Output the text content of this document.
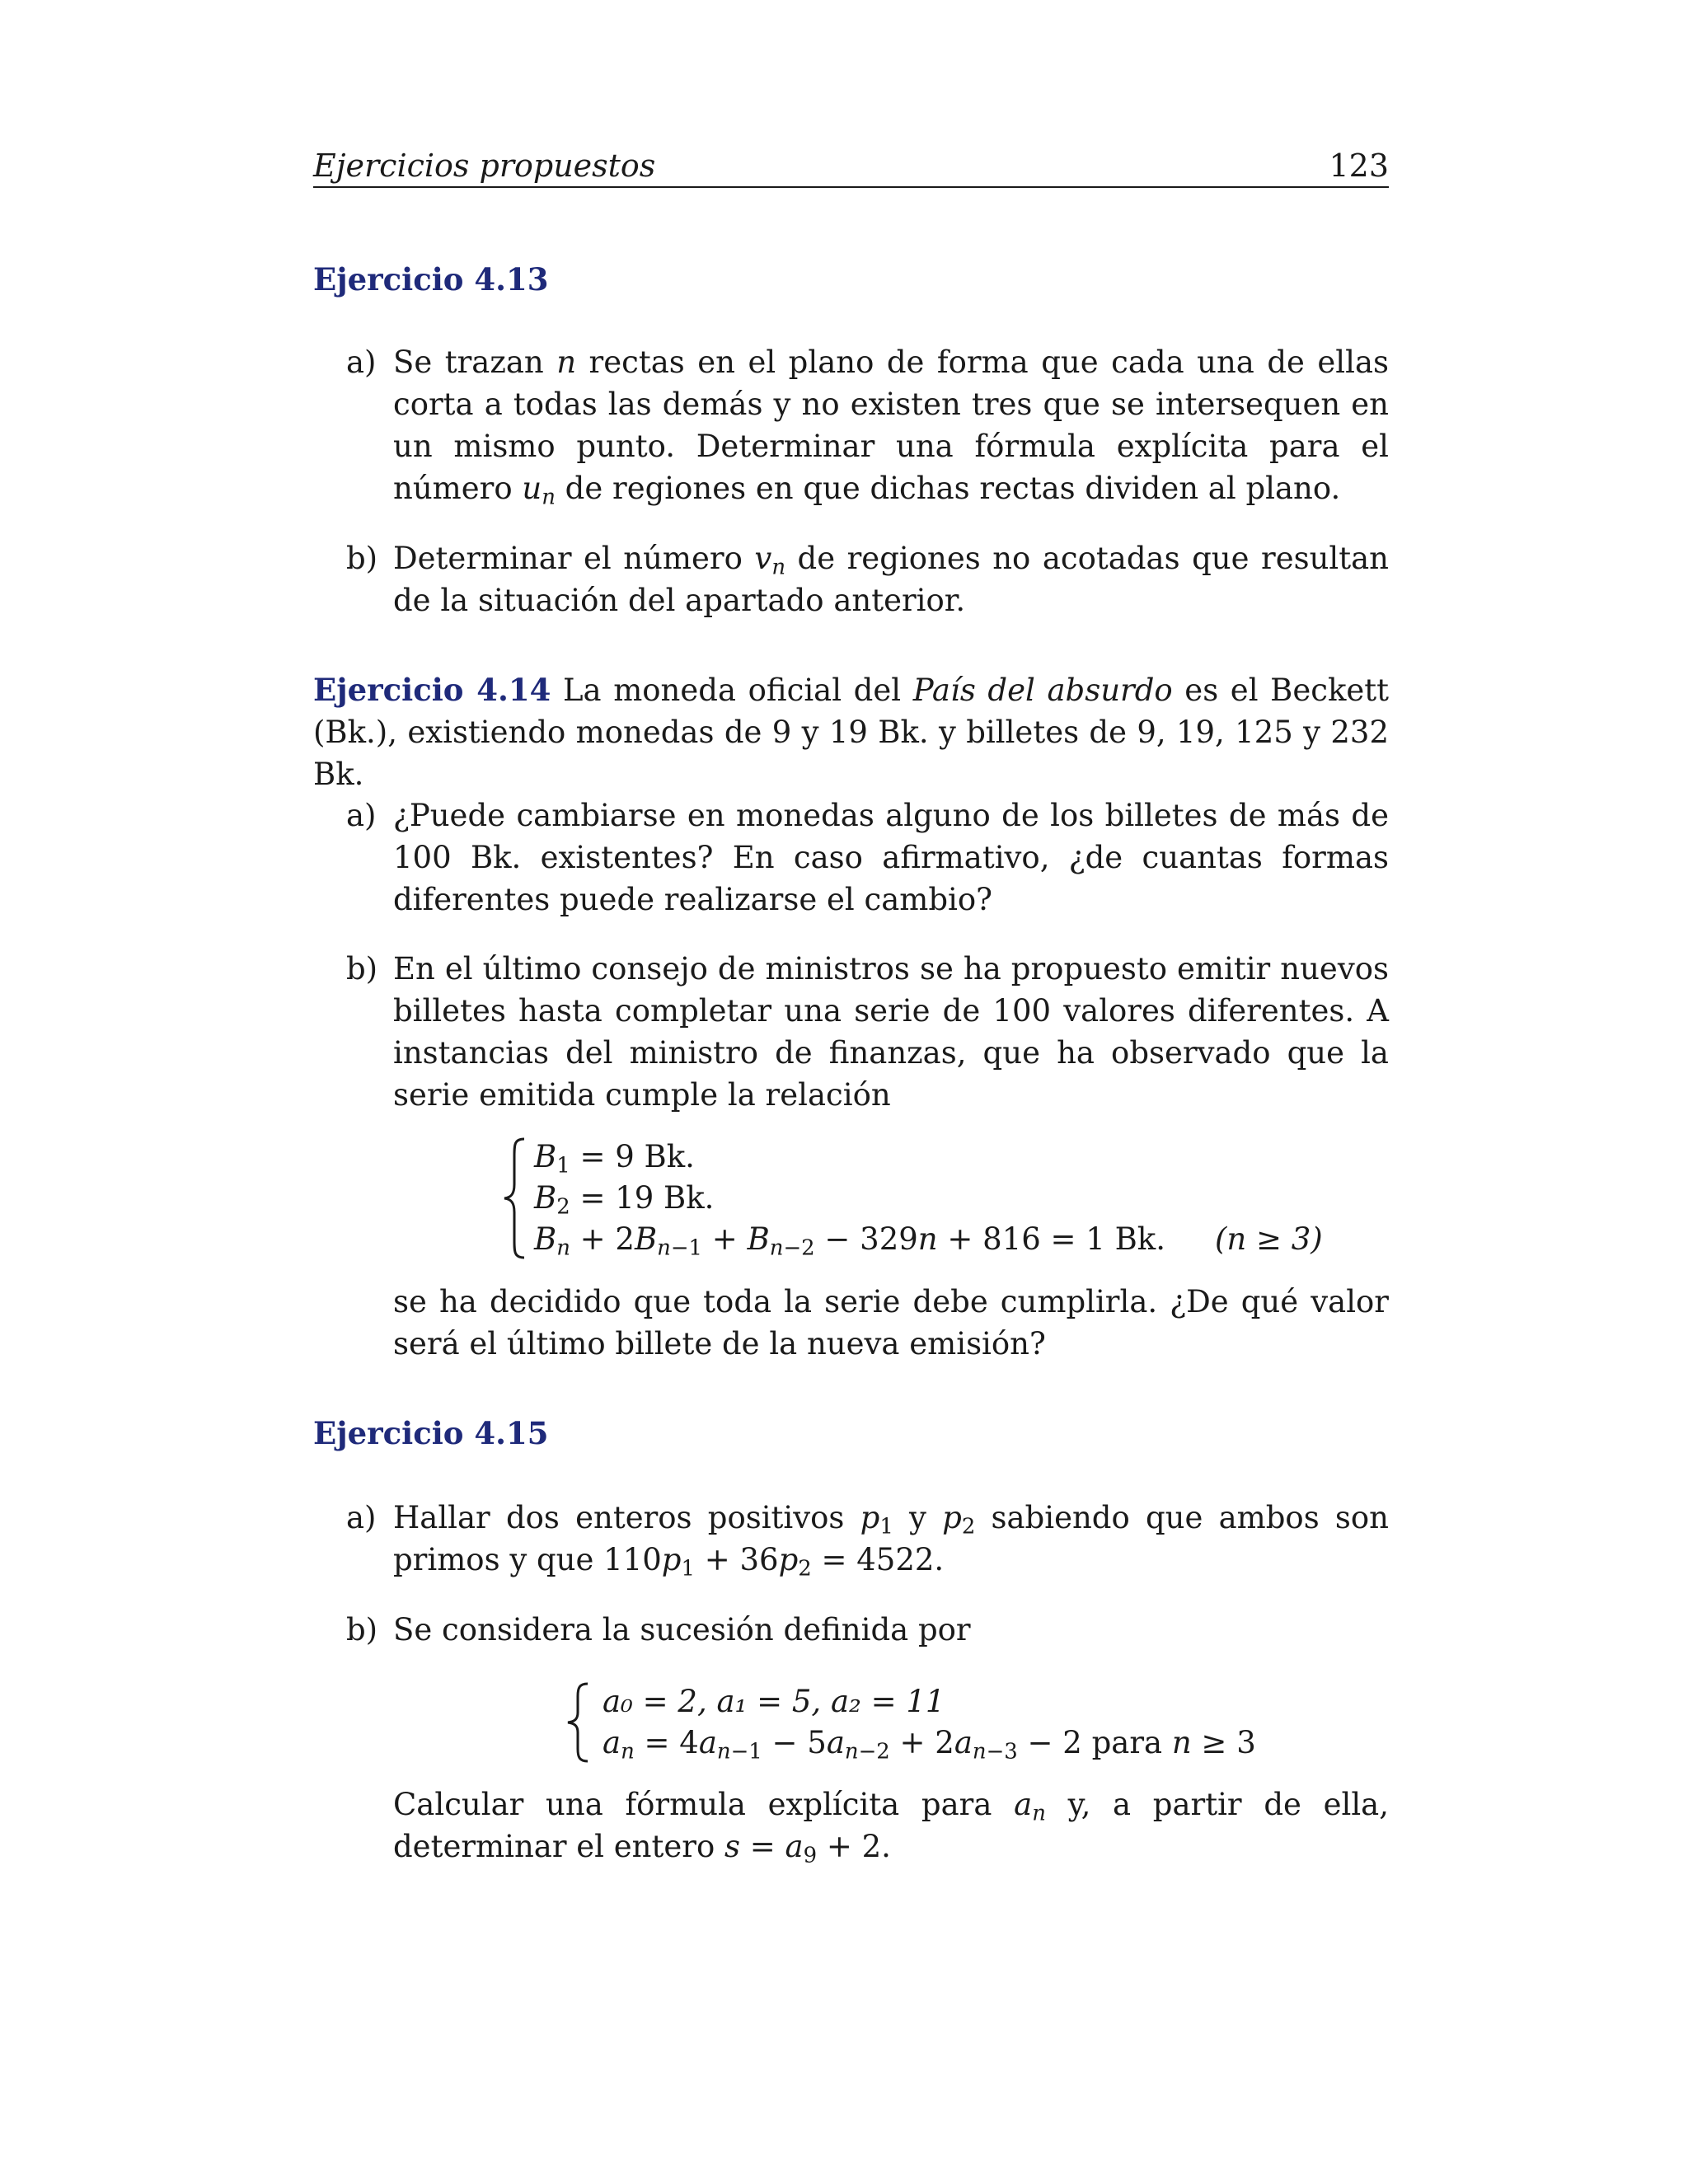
Ejercicios propuestos	123
Ejercicio 4.13
a) Se trazan n rectas en el plano de forma que cada una de ellas corta a todas las demás y no existen tres que se intersequen en un mismo punto. Determinar una fórmula explícita para el número $u_n$ de regiones en que dichas rectas dividen al plano.
b) Determinar el número $v_n$ de regiones no acotadas que resultan de la situación del apartado anterior.

Ejercicio 4.14 La moneda oficial del País del absurdo es el Beckett (Bk.), existiendo monedas de 9 y 19 Bk. y billetes de 9, 19, 125 y 232 Bk.

a) ¿Puede cambiarse en monedas alguno de los billetes de más de 100 Bk. existentes? En caso afirmativo, ¿de cuantas formas diferentes puede realizarse el cambio?
b) En el último consejo de ministros se ha propuesto emitir nuevos billetes hasta completar una serie de 100 valores diferentes. A instancias del ministro de finanzas, que ha observado que la serie emitida cumple la relación
$B_1 = 9$ Bk.
$B_2 = 19$ Bk.
$B_n + 2B_{n-1} + B_{n-2} - 329n + 816 = 1$ Bk. (n ≥ 3)
se ha decidido que toda la serie debe cumplirla. ¿De qué valor será el último billete de la nueva emisión?
Ejercicio 4.15
a) Hallar dos enteros positivos $p_1$ y $p_2$ sabiendo que ambos son primos y que $110p_1 + 36p_2 = 4522$.
b) Se considera la sucesión definida por
a₀ = 2, a₁ = 5, a₂ = 11
$a_n = 4a_{n-1} - 5a_{n-2} + 2a_{n-3} - 2$ para n ≥ 3
Calcular una fórmula explícita para $a_n$ y, a partir de ella, determinar el entero $s = a_9 + 2$.
